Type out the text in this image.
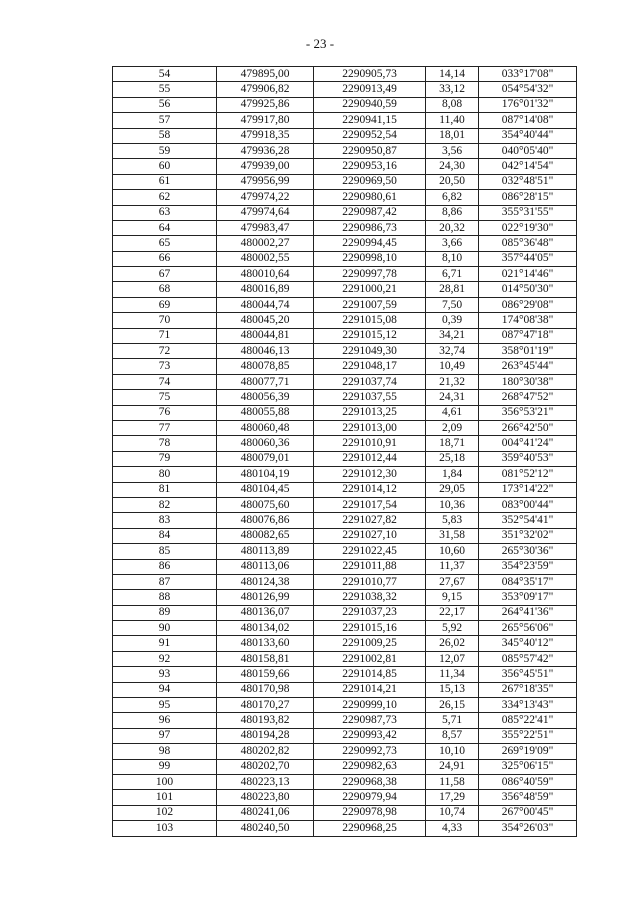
- 23 -
54	479895,00	2290905,73	14,14	033°17'08"
55	479906,82	2290913,49	33,12	054°54'32"
56	479925,86	2290940,59	8,08	176°01'32"
57	479917,80	2290941,15	11,40	087°14'08"
58	479918,35	2290952,54	18,01	354°40'44"
59	479936,28	2290950,87	3,56	040°05'40"
60	479939,00	2290953,16	24,30	042°14'54"
61	479956,99	2290969,50	20,50	032°48'51"
62	479974,22	2290980,61	6,82	086°28'15"
63	479974,64	2290987,42	8,86	355°31'55"
64	479983,47	2290986,73	20,32	022°19'30"
65	480002,27	2290994,45	3,66	085°36'48"
66	480002,55	2290998,10	8,10	357°44'05"
67	480010,64	2290997,78	6,71	021°14'46"
68	480016,89	2291000,21	28,81	014°50'30"
69	480044,74	2291007,59	7,50	086°29'08"
70	480045,20	2291015,08	0,39	174°08'38"
71	480044,81	2291015,12	34,21	087°47'18"
72	480046,13	2291049,30	32,74	358°01'19"
73	480078,85	2291048,17	10,49	263°45'44"
74	480077,71	2291037,74	21,32	180°30'38"
75	480056,39	2291037,55	24,31	268°47'52"
76	480055,88	2291013,25	4,61	356°53'21"
77	480060,48	2291013,00	2,09	266°42'50"
78	480060,36	2291010,91	18,71	004°41'24"
79	480079,01	2291012,44	25,18	359°40'53"
80	480104,19	2291012,30	1,84	081°52'12"
81	480104,45	2291014,12	29,05	173°14'22"
82	480075,60	2291017,54	10,36	083°00'44"
83	480076,86	2291027,82	5,83	352°54'41"
84	480082,65	2291027,10	31,58	351°32'02"
85	480113,89	2291022,45	10,60	265°30'36"
86	480113,06	2291011,88	11,37	354°23'59"
87	480124,38	2291010,77	27,67	084°35'17"
88	480126,99	2291038,32	9,15	353°09'17"
89	480136,07	2291037,23	22,17	264°41'36"
90	480134,02	2291015,16	5,92	265°56'06"
91	480133,60	2291009,25	26,02	345°40'12"
92	480158,81	2291002,81	12,07	085°57'42"
93	480159,66	2291014,85	11,34	356°45'51"
94	480170,98	2291014,21	15,13	267°18'35"
95	480170,27	2290999,10	26,15	334°13'43"
96	480193,82	2290987,73	5,71	085°22'41"
97	480194,28	2290993,42	8,57	355°22'51"
98	480202,82	2290992,73	10,10	269°19'09"
99	480202,70	2290982,63	24,91	325°06'15"
100	480223,13	2290968,38	11,58	086°40'59"
101	480223,80	2290979,94	17,29	356°48'59"
102	480241,06	2290978,98	10,74	267°00'45"
103	480240,50	2290968,25	4,33	354°26'03"
